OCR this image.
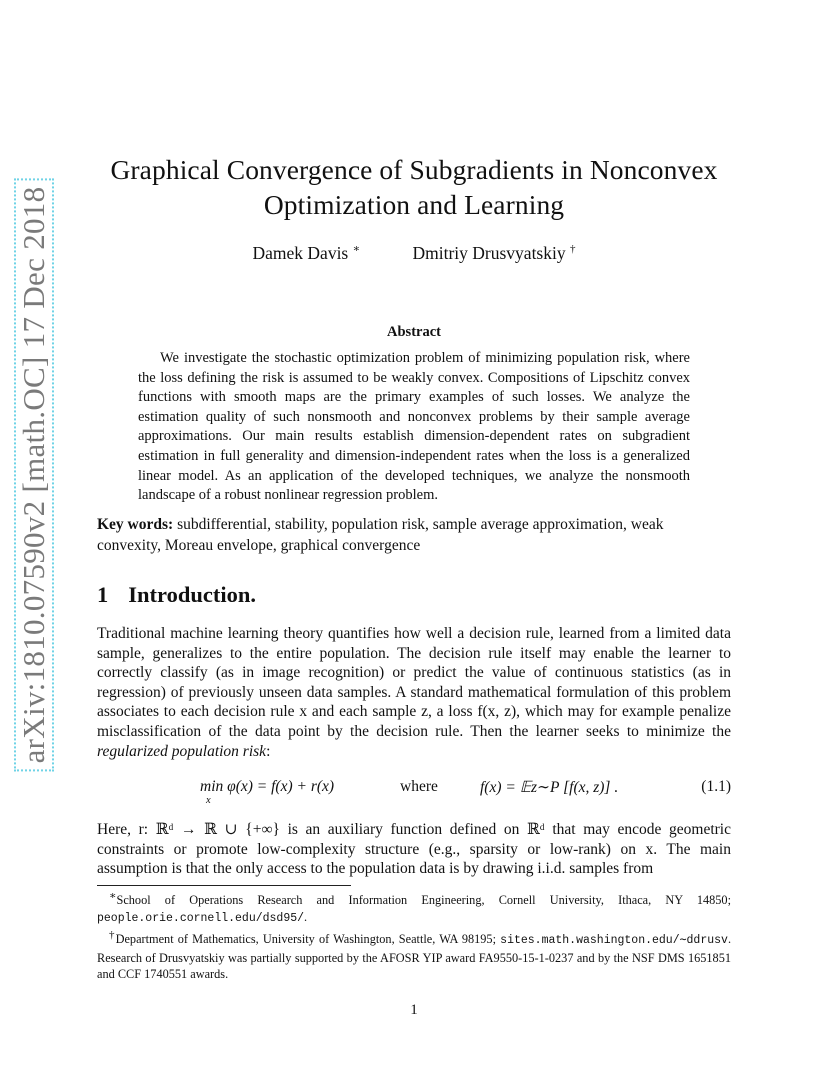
arXiv:1810.07590v2 [math.OC] 17 Dec 2018
Graphical Convergence of Subgradients in Nonconvex Optimization and Learning
Damek Davis ∗	Dmitriy Drusvyatskiy †
Abstract
We investigate the stochastic optimization problem of minimizing population risk, where the loss defining the risk is assumed to be weakly convex. Compositions of Lipschitz convex functions with smooth maps are the primary examples of such losses. We analyze the estimation quality of such nonsmooth and nonconvex problems by their sample average approximations. Our main results establish dimension-dependent rates on subgradient estimation in full generality and dimension-independent rates when the loss is a generalized linear model. As an application of the developed techniques, we analyze the nonsmooth landscape of a robust nonlinear regression problem.
Key words: subdifferential, stability, population risk, sample average approximation, weak convexity, Moreau envelope, graphical convergence
1 Introduction.
Traditional machine learning theory quantifies how well a decision rule, learned from a limited data sample, generalizes to the entire population. The decision rule itself may enable the learner to correctly classify (as in image recognition) or predict the value of continuous statistics (as in regression) of previously unseen data samples. A standard mathematical formulation of this problem associates to each decision rule x and each sample z, a loss f(x, z), which may for example penalize misclassification of the data point by the decision rule. Then the learner seeks to minimize the regularized population risk:
min φ(x) = f(x) + r(x)
x
where	f(x) = 𝔼z∼P [f(x, z)] .	(1.1)
Here, r: ℝᵈ → ℝ ∪ {+∞} is an auxiliary function defined on ℝᵈ that may encode geometric constraints or promote low-complexity structure (e.g., sparsity or low-rank) on x. The main assumption is that the only access to the population data is by drawing i.i.d. samples from

∗School of Operations Research and Information Engineering, Cornell University, Ithaca, NY 14850; people.orie.cornell.edu/dsd95/.

†Department of Mathematics, University of Washington, Seattle, WA 98195; sites.math.washington.edu/∼ddrusv. Research of Drusvyatskiy was partially supported by the AFOSR YIP award FA9550-15-1-0237 and by the NSF DMS 1651851 and CCF 1740551 awards.

1
